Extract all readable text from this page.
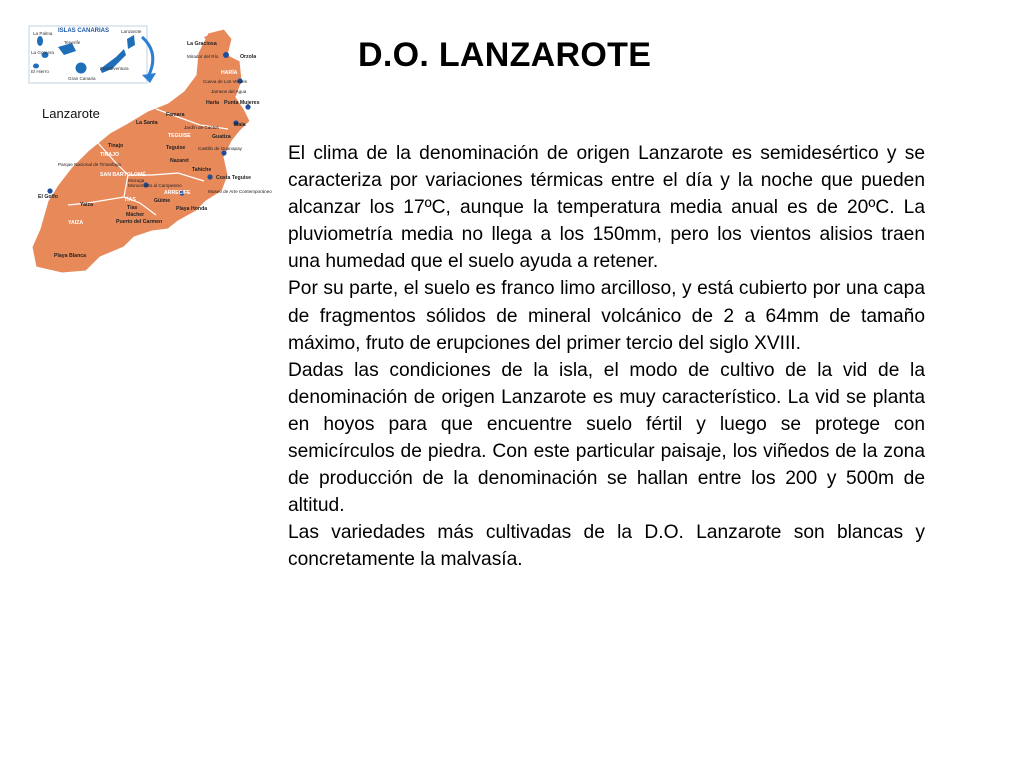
D.O. LANZAROTE
ISLAS CANARIAS
La Palma	Lanzarote
Tenerife
La Gomera
El Hierro
Gran Canaria
Fuerteventura
La Graciosa
Mirador del Río	Orzola
HARÍA
Cueva de Los Verdes
Jameos del Agua
Haría Punta Mujeres
Famara
La Santa
Jardín de Cactus	Mala
TEGUISE	Guatiza
Tinajo
TINAJO
Teguise	Castillo de Guanapay
Parque Nacional de Timanfaya
Nazaret
Tahiche
SAN BARTOLOMÉ	Costa Teguise
Mozaga
Monumento al Campesino
ARRECIFE	Museo de Arte Contemporáneo
El Golfo	TÍAS
Yaiza	Tías
Güime
Mácher
Playa Honda
Puerto del Carmen
YAIZA
Playa Blanca
Lanzarote

El clima de la denominación de origen Lanzarote es semidesértico y se caracteriza por variaciones térmicas entre el día y la noche que pueden alcanzar los 17ºC, aunque la temperatura media anual es de 20ºC. La pluviometría media no llega a los 150mm, pero los vientos alisios traen una humedad que el suelo ayuda a retener.

Por su parte, el suelo es franco limo arcilloso, y está cubierto por una capa de fragmentos sólidos de mineral volcánico de 2 a 64mm de tamaño máximo, fruto de erupciones del primer tercio del siglo XVIII.

Dadas las condiciones de la isla, el modo de cultivo de la vid de la denominación de origen Lanzarote es muy característico. La vid se planta en hoyos para que encuentre suelo fértil y luego se protege con semicírculos de piedra. Con este particular paisaje, los viñedos de la zona de producción de la denominación se hallan entre los 200 y 500m de altitud.

Las variedades más cultivadas de la D.O. Lanzarote son blancas y concretamente la malvasía.
